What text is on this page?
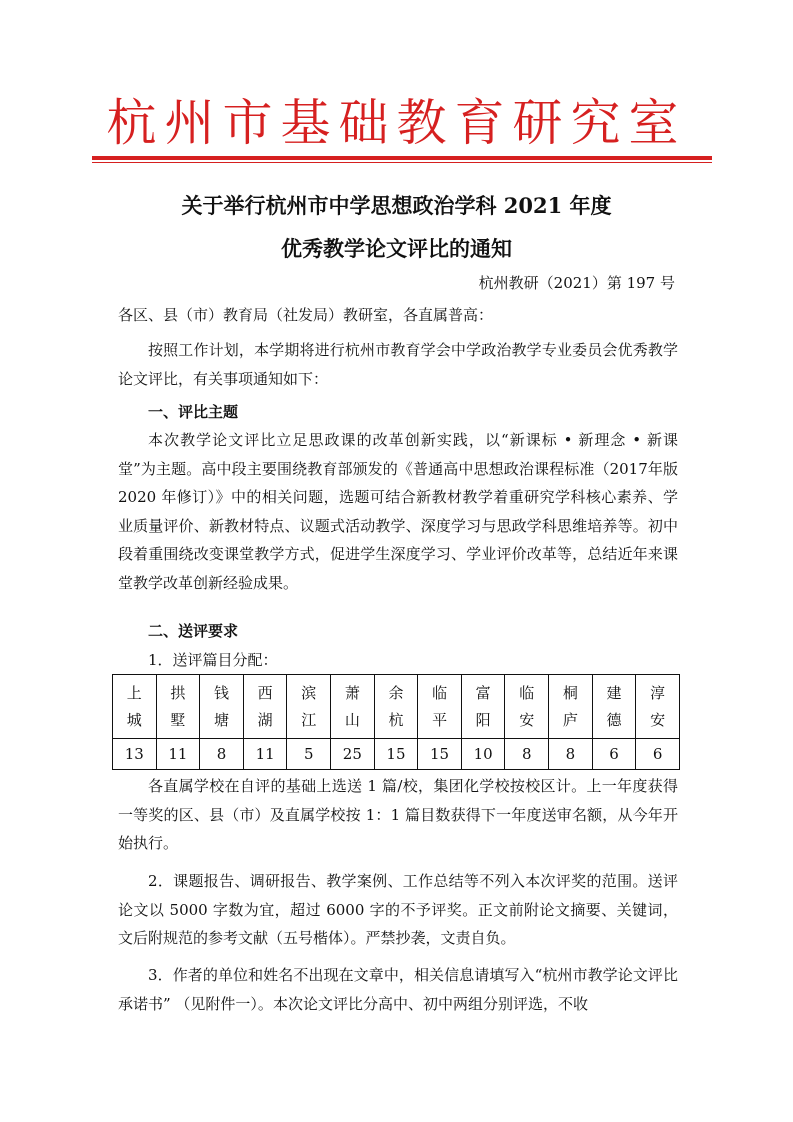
杭州市基础教育研究室
关于举行杭州市中学思想政治学科 2021 年度
优秀教学论文评比的通知
杭州教研（2021）第 197 号
各区、县（市）教育局（社发局）教研室，各直属普高：
按照工作计划，本学期将进行杭州市教育学会中学政治教学专业委员会优秀教学论文评比，有关事项通知如下：
一、评比主题
本次教学论文评比立足思政课的改革创新实践，以“新课标 • 新理念 • 新课堂”为主题。高中段主要围绕教育部颁发的《普通高中思想政治课程标准（2017年版 2020 年修订）》中的相关问题，选题可结合新教材教学着重研究学科核心素养、学业质量评价、新教材特点、议题式活动教学、深度学习与思政学科思维培养等。初中段着重围绕改变课堂教学方式，促进学生深度学习、学业评价改革等，总结近年来课堂教学改革创新经验成果。
二、送评要求
1．送评篇目分配：
上城	拱墅	钱塘	西湖	滨江	萧山	余杭	临平	富阳	临安	桐庐	建德	淳安
13	11	8	11	5	25	15	15	10	8	8	6	6
各直属学校在自评的基础上选送 1 篇/校，集团化学校按校区计。上一年度获得一等奖的区、县（市）及直属学校按 1：1 篇目数获得下一年度送审名额，从今年开始执行。
2．课题报告、调研报告、教学案例、工作总结等不列入本次评奖的范围。送评论文以 5000 字数为宜，超过 6000 字的不予评奖。正文前附论文摘要、关键词，文后附规范的参考文献（五号楷体）。严禁抄袭，文责自负。
3．作者的单位和姓名不出现在文章中，相关信息请填写入“杭州市教学论文评比承诺书” （见附件一）。本次论文评比分高中、初中两组分别评选，不收
